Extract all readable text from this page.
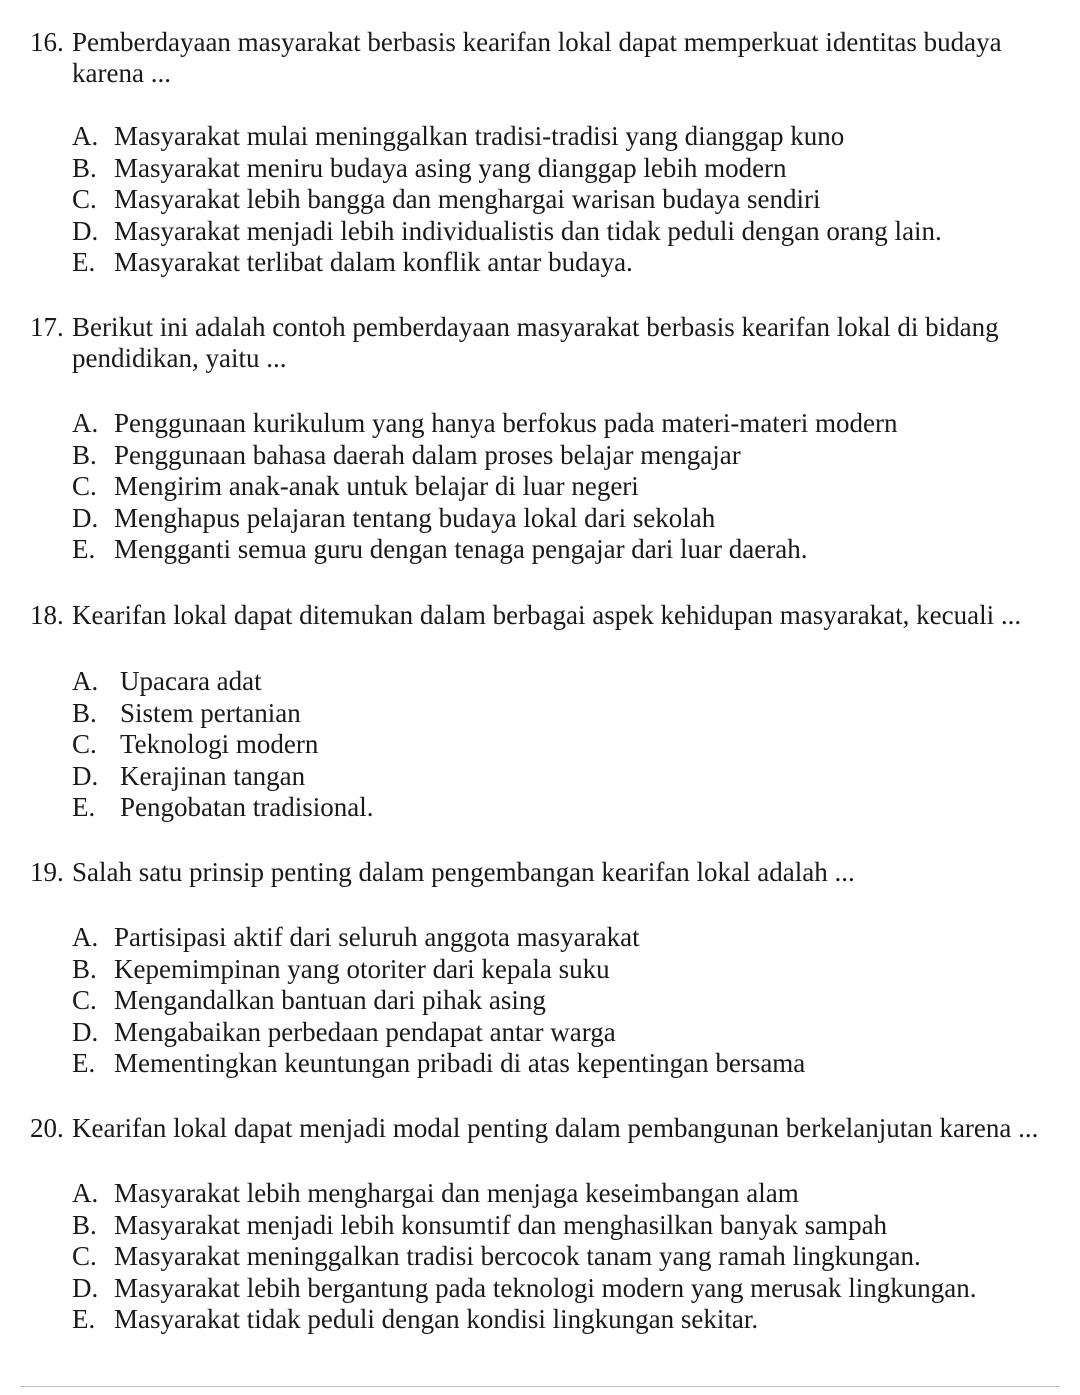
16. Pemberdayaan masyarakat berbasis kearifan lokal dapat memperkuat identitas budaya karena ...

A. Masyarakat mulai meninggalkan tradisi-tradisi yang dianggap kuno
B. Masyarakat meniru budaya asing yang dianggap lebih modern
C. Masyarakat lebih bangga dan menghargai warisan budaya sendiri
D. Masyarakat menjadi lebih individualistis dan tidak peduli dengan orang lain.
E. Masyarakat terlibat dalam konflik antar budaya.

17. Berikut ini adalah contoh pemberdayaan masyarakat berbasis kearifan lokal di bidang pendidikan, yaitu ...

A. Penggunaan kurikulum yang hanya berfokus pada materi-materi modern
B. Penggunaan bahasa daerah dalam proses belajar mengajar
C. Mengirim anak-anak untuk belajar di luar negeri
D. Menghapus pelajaran tentang budaya lokal dari sekolah
E. Mengganti semua guru dengan tenaga pengajar dari luar daerah.

18. Kearifan lokal dapat ditemukan dalam berbagai aspek kehidupan masyarakat, kecuali ...

A. Upacara adat
B. Sistem pertanian
C. Teknologi modern
D. Kerajinan tangan
E. Pengobatan tradisional.

19. Salah satu prinsip penting dalam pengembangan kearifan lokal adalah ...

A. Partisipasi aktif dari seluruh anggota masyarakat
B. Kepemimpinan yang otoriter dari kepala suku
C. Mengandalkan bantuan dari pihak asing
D. Mengabaikan perbedaan pendapat antar warga
E. Mementingkan keuntungan pribadi di atas kepentingan bersama

20. Kearifan lokal dapat menjadi modal penting dalam pembangunan berkelanjutan karena ...

A. Masyarakat lebih menghargai dan menjaga keseimbangan alam
B. Masyarakat menjadi lebih konsumtif dan menghasilkan banyak sampah
C. Masyarakat meninggalkan tradisi bercocok tanam yang ramah lingkungan.
D. Masyarakat lebih bergantung pada teknologi modern yang merusak lingkungan.
E. Masyarakat tidak peduli dengan kondisi lingkungan sekitar.
